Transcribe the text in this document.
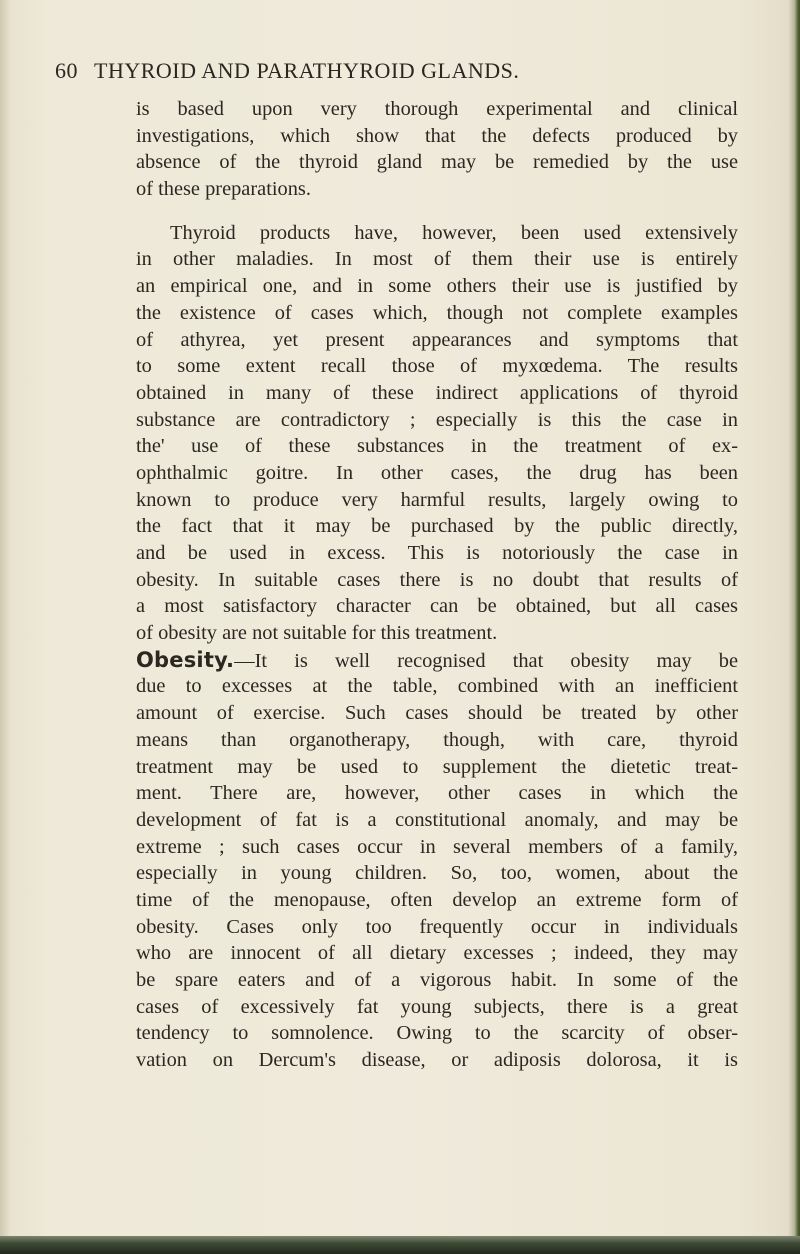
60 THYROID AND PARATHYROID GLANDS.
is based upon very thorough experimental and clinical
investigations, which show that the defects produced by
absence of the thyroid gland may be remedied by the use
of these preparations.
Thyroid products have, however, been used extensively
in other maladies. In most of them their use is entirely
an empirical one, and in some others their use is justified by
the existence of cases which, though not complete examples
of athyrea, yet present appearances and symptoms that
to some extent recall those of myxœdema. The results
obtained in many of these indirect applications of thyroid
substance are contradictory ; especially is this the case in
the' use of these substances in the treatment of ex-
ophthalmic goitre. In other cases, the drug has been
known to produce very harmful results, largely owing to
the fact that it may be purchased by the public directly,
and be used in excess. This is notoriously the case in
obesity. In suitable cases there is no doubt that results of
a most satisfactory character can be obtained, but all cases
of obesity are not suitable for this treatment.
Obesity.—It is well recognised that obesity may be
due to excesses at the table, combined with an inefficient
amount of exercise. Such cases should be treated by other
means than organotherapy, though, with care, thyroid
treatment may be used to supplement the dietetic treat-
ment. There are, however, other cases in which the
development of fat is a constitutional anomaly, and may be
extreme ; such cases occur in several members of a family,
especially in young children. So, too, women, about the
time of the menopause, often develop an extreme form of
obesity. Cases only too frequently occur in individuals
who are innocent of all dietary excesses ; indeed, they may
be spare eaters and of a vigorous habit. In some of the
cases of excessively fat young subjects, there is a great
tendency to somnolence. Owing to the scarcity of obser-
vation on Dercum's disease, or adiposis dolorosa, it is
